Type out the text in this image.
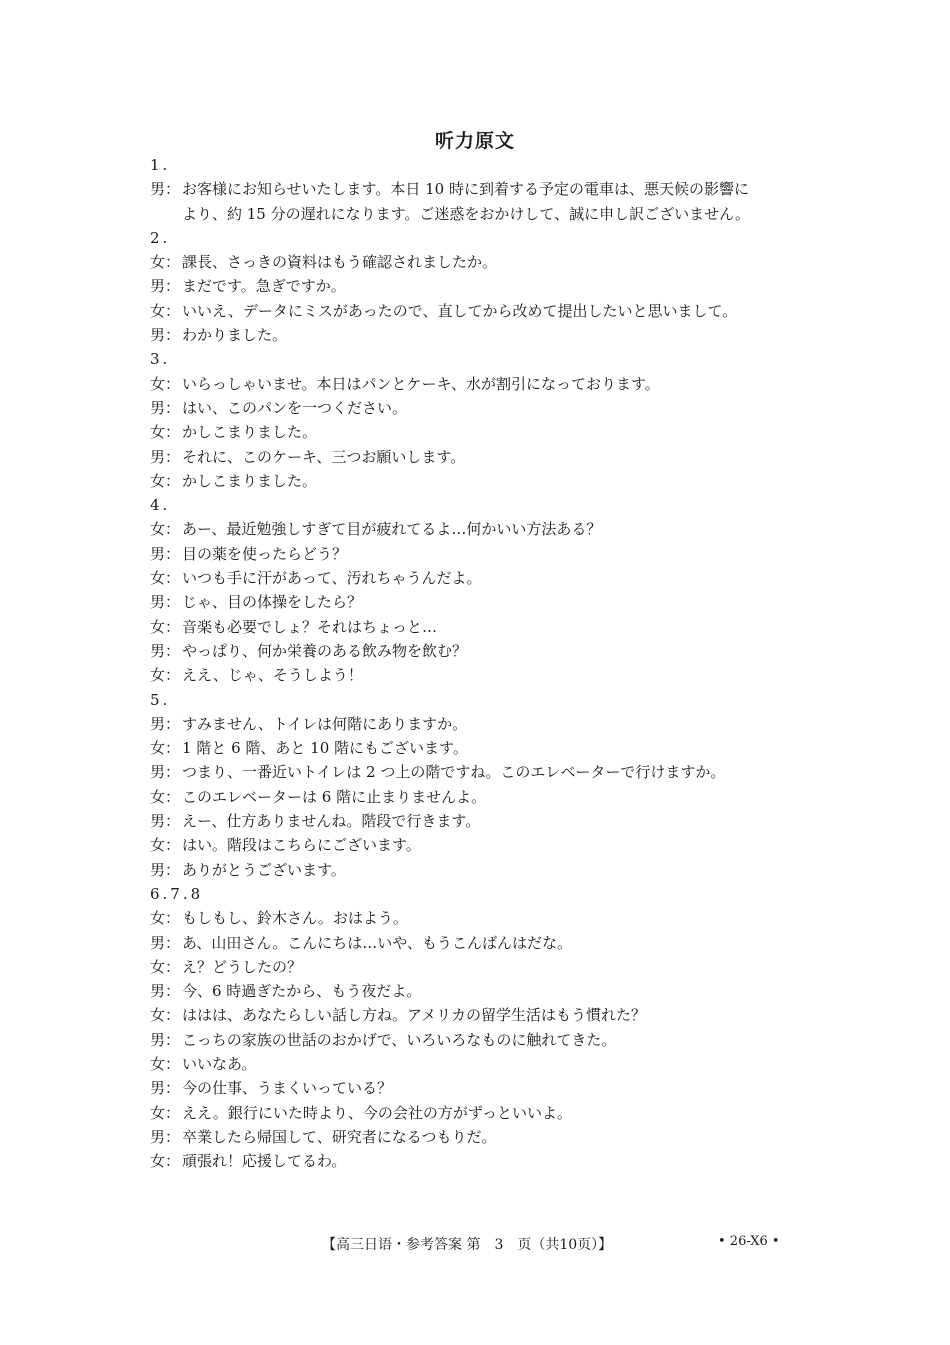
听力原文
1.
男： お客様にお知らせいたします。本日 10 時に到着する予定の電車は、悪天候の影響に
より、約 15 分の遅れになります。ご迷惑をおかけして、誠に申し訳ございません。
2.
女： 課長、さっきの資料はもう確認されましたか。
男： まだです。急ぎですか。
女： いいえ、データにミスがあったので、直してから改めて提出したいと思いまして。
男： わかりました。
3.
女： いらっしゃいませ。本日はパンとケーキ、水が割引になっております。
男： はい、このパンを一つください。
女： かしこまりました。
男： それに、このケーキ、三つお願いします。
女： かしこまりました。
4.
女： あー、最近勉強しすぎて目が疲れてるよ…何かいい方法ある？
男： 目の薬を使ったらどう？
女： いつも手に汗があって、汚れちゃうんだよ。
男： じゃ、目の体操をしたら？
女： 音楽も必要でしょ？それはちょっと…
男： やっぱり、何か栄養のある飲み物を飲む？
女： ええ、じゃ、そうしよう！
5.
男： すみません、トイレは何階にありますか。
女： 1 階と 6 階、あと 10 階にもございます。
男： つまり、一番近いトイレは 2 つ上の階ですね。このエレベーターで行けますか。
女： このエレベーターは 6 階に止まりませんよ。
男： えー、仕方ありませんね。階段で行きます。
女： はい。階段はこちらにございます。
男： ありがとうございます。
6.7.8
女： もしもし、鈴木さん。おはよう。
男： あ、山田さん。こんにちは…いや、もうこんばんはだな。
女： え？どうしたの？
男： 今、6 時過ぎたから、もう夜だよ。
女： ははは、あなたらしい話し方ね。アメリカの留学生活はもう慣れた？
男： こっちの家族の世話のおかげで、いろいろなものに触れてきた。
女： いいなあ。
男： 今の仕事、うまくいっている？
女： ええ。銀行にいた時より、今の会社の方がずっといいよ。
男： 卒業したら帰国して、研究者になるつもりだ。
女： 頑張れ！応援してるわ。
【高三日语・参考答案 第　3　页（共10页）】	• 26-X6 •
